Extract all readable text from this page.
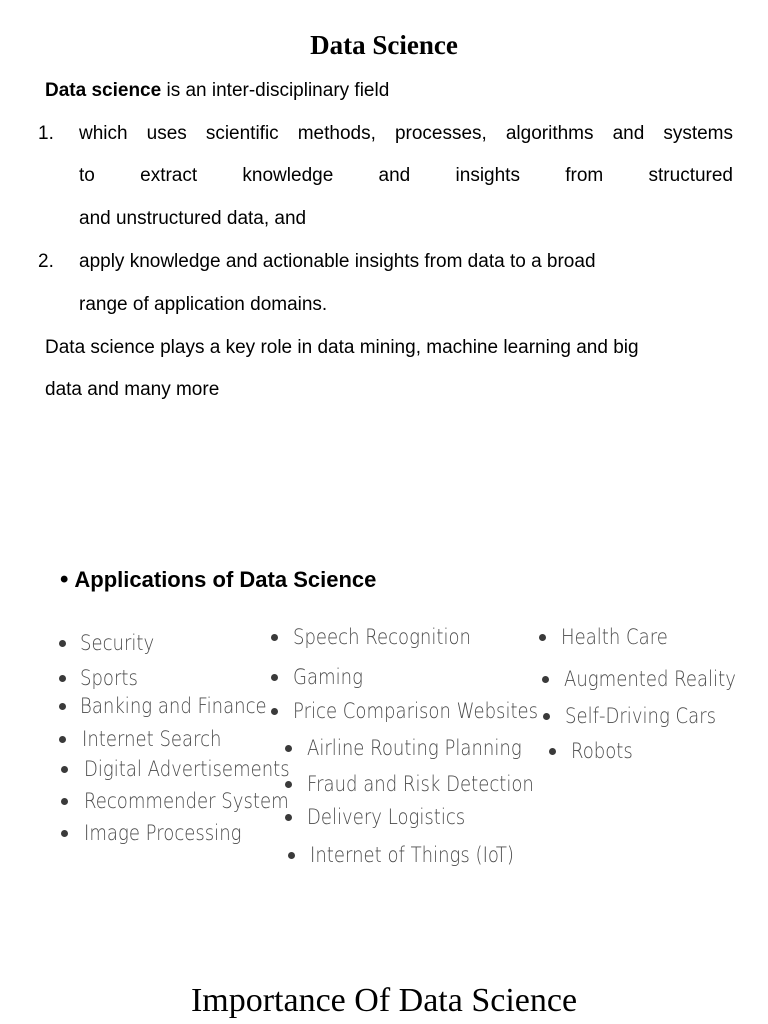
Data Science

Data science is an inter-disciplinary field

1. which uses scientific methods, processes, algorithms and systems

to extract knowledge and insights from structured

and unstructured data, and

2. apply knowledge and actionable insights from data to a broad

range of application domains.

Data science plays a key role in data mining, machine learning and big

data and many more

• Applications of Data Science

Security

Sports

Banking and Finance

Internet Search

Digital Advertisements

Recommender System

Image Processing

Speech Recognition

Gaming

Price Comparison Websites

Airline Routing Planning

Fraud and Risk Detection

Delivery Logistics

Internet of Things (IoT)

Health Care

Augmented Reality

Self-Driving Cars

Robots

Importance Of Data Science
